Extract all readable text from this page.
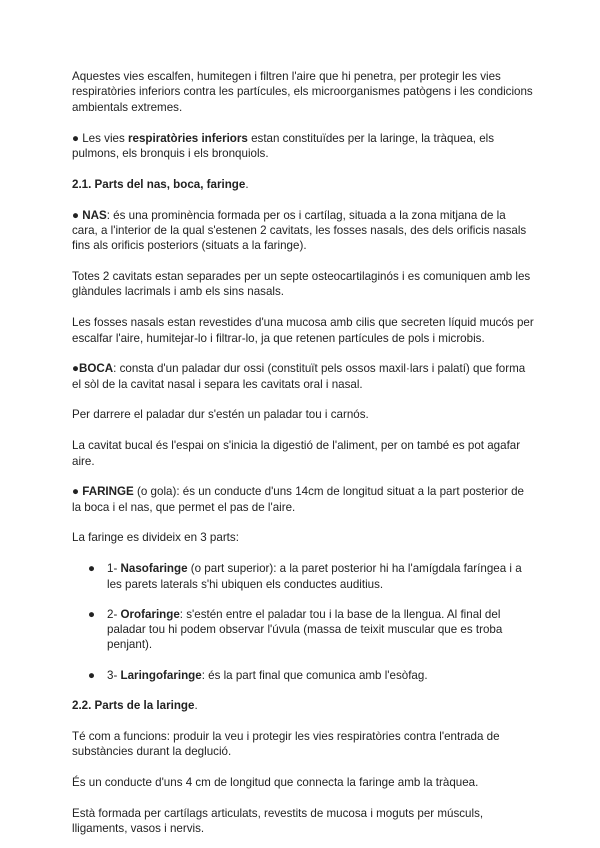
Aquestes vies escalfen, humitegen i filtren l'aire que hi penetra, per protegir les vies respiratòries inferiors contra les partícules, els microorganismes patògens i les condicions ambientals extremes.

● Les vies respiratòries inferiors estan constituïdes per la laringe, la tràquea, els pulmons, els bronquis i els bronquiols.

2.1. Parts del nas, boca, faringe.

● NAS: és una prominència formada per os i cartílag, situada a la zona mitjana de la cara, a l'interior de la qual s'estenen 2 cavitats, les fosses nasals, des dels orificis nasals fins als orificis posteriors (situats a la faringe).

Totes 2 cavitats estan separades per un septe osteocartilaginós i es comuniquen amb les glàndules lacrimals i amb els sins nasals.

Les fosses nasals estan revestides d'una mucosa amb cilis que secreten líquid mucós per escalfar l'aire, humitejar-lo i filtrar-lo, ja que retenen partícules de pols i microbis.

●BOCA: consta d'un paladar dur ossi (constituït pels ossos maxil·lars i palatí) que forma el sòl de la cavitat nasal i separa les cavitats oral i nasal.

Per darrere el paladar dur s'estén un paladar tou i carnós.

La cavitat bucal és l'espai on s'inicia la digestió de l'aliment, per on també es pot agafar aire.

● FARINGE (o gola): és un conducte d'uns 14cm de longitud situat a la part posterior de la boca i el nas, que permet el pas de l'aire.

La faringe es divideix en 3 parts:

● 1- Nasofaringe (o part superior): a la paret posterior hi ha l'amígdala faríngea i a les parets laterals s'hi ubiquen els conductes auditius.
● 2- Orofaringe: s'estén entre el paladar tou i la base de la llengua. Al final del paladar tou hi podem observar l'úvula (massa de teixit muscular que es troba penjant).
● 3- Laringofaringe: és la part final que comunica amb l'esòfag.

2.2. Parts de la laringe.

Té com a funcions: produir la veu i protegir les vies respiratòries contra l'entrada de substàncies durant la deglució.

És un conducte d'uns 4 cm de longitud que connecta la faringe amb la tràquea.

Està formada per cartílags articulats, revestits de mucosa i moguts per músculs, lligaments, vasos i nervis.
